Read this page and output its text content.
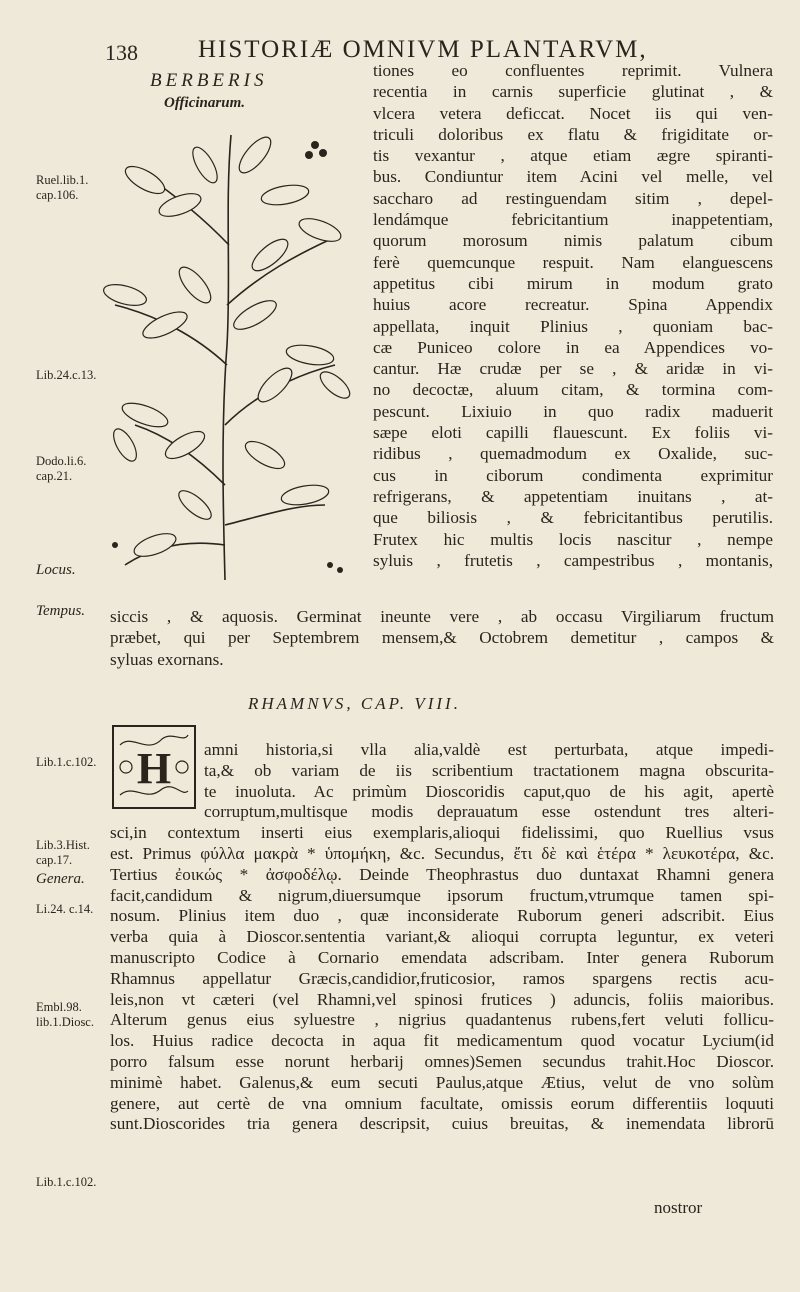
138 HISTORIÆ OMNIVM PLANTARVM,
BERBERIS
Officinarum.
Ruel.lib.1.
cap.106.
Lib.24.c.13.
Dodo.li.6.
cap.21.
Locus.
Tempus.
Lib.1.c.102.
Lib.3.Hist.
cap.17.
Genera.
Li.24. c.14.
Embl.98.
lib.1.Diosc.
Lib.1.c.102.
tiones eo confluentes reprimit. Vulnera
recentia in carnis superficie glutinat , &
vlcera vetera deficcat. Nocet iis qui ven-
triculi doloribus ex flatu & frigiditate or-
tis vexantur , atque etiam ægre spiranti-
bus. Condiuntur item Acini vel melle, vel
saccharo ad restinguendam sitim , depel-
lendámque febricitantium inappetentiam,
quorum morosum nimis palatum cibum
ferè quemcunque respuit. Nam elanguescens
appetitus cibi mirum in modum grato
huius acore recreatur. Spina Appendix
appellata, inquit Plinius , quoniam bac-
cæ Puniceo colore in ea Appendices vo-
cantur. Hæ crudæ per se , & aridæ in vi-
no decoctæ, aluum citam, & tormina com-
pescunt. Lixiuio in quo radix maduerit
sæpe eloti capilli flauescunt. Ex foliis vi-
ridibus , quemadmodum ex Oxalide, suc-
cus in ciborum condimenta exprimitur
refrigerans, & appetentiam inuitans , at-
que biliosis , & febricitantibus perutilis.
Frutex hic multis locis nascitur , nempe
syluis , frutetis , campestribus , montanis,
siccis , & aquosis. Germinat ineunte vere , ab occasu Virgiliarum fructum
præbet, qui per Septembrem mensem,& Octobrem demetitur , campos &
syluas exornans.
RHAMNVS, CAP. VIII.
H	amni historia,si vlla alia,valdè est perturbata, atque impedi-
ta,& ob variam de iis scribentium tractationem magna obscurita-
te inuoluta. Ac primùm Dioscoridis caput,quo de his agit, apertè
corruptum,multisque modis deprauatum esse ostendunt tres alteri-
sci,in contextum inserti eius exemplaris,alioqui fidelissimi, quo Ruellius vsus
est. Primus φύλλα μακρὰ * ὑπομήκη, &c. Secundus, ἔτι δὲ καὶ ἑτέρα * λευκοτέρα, &c.
Tertius ἐοικώς * ἀσφοδέλῳ. Deinde Theophrastus duo duntaxat Rhamni genera
facit,candidum & nigrum,diuersumque ipsorum fructum,vtrumque tamen spi-
nosum. Plinius item duo , quæ inconsiderate Ruborum generi adscribit. Eius
verba quia à Dioscor.sententia variant,& alioqui corrupta leguntur, ex veteri
manuscripto Codice à Cornario emendata adscribam. Inter genera Ruborum
Rhamnus appellatur Græcis,candidior,fruticosior, ramos spargens rectis acu-
leis,non vt cæteri (vel Rhamni,vel spinosi frutices ) aduncis, foliis maioribus.
Alterum genus eius syluestre , nigrius quadantenus rubens,fert veluti follicu-
los. Huius radice decocta in aqua fit medicamentum quod vocatur Lycium(id
porro falsum esse norunt herbarij omnes)Semen secundus trahit.Hoc Dioscor.
minimè habet. Galenus,& eum secuti Paulus,atque Ætius, velut de vno solùm
genere, aut certè de vna omnium facultate, omissis eorum differentiis loquuti
sunt.Dioscorides tria genera descripsit, cuius breuitas, & inemendata librorū
nostror
